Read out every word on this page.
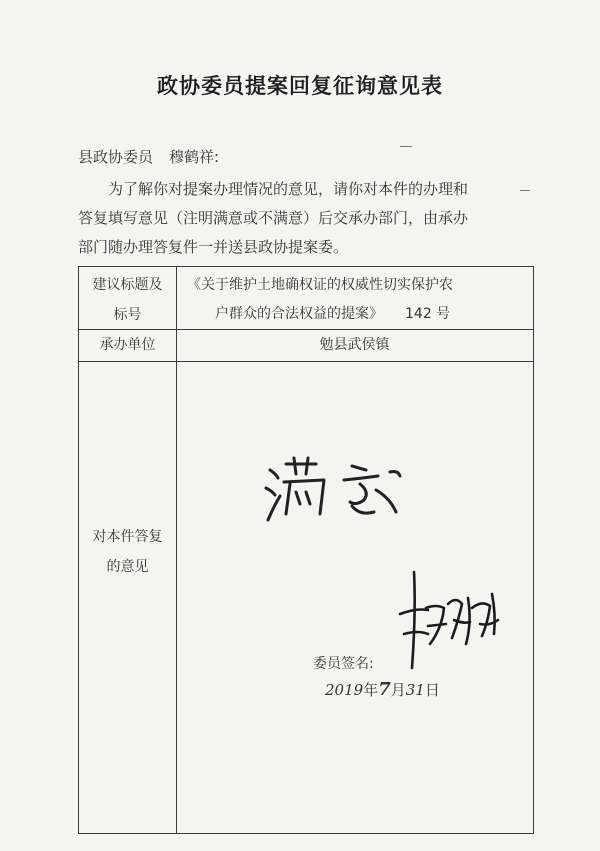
政协委员提案回复征询意见表
县政协委员 穆鹤祥:
为了解你对提案办理情况的意见，请你对本件的办理和
答复填写意见（注明满意或不满意）后交承办部门，由承办
部门随办理答复件一并送县政协提案委。
建议标题及
标号
《关于维护土地确权证的权威性切实保护农
户群众的合法权益的提案》 142 号
承办单位	勉县武侯镇
对本件答复
的意见
委员签名:
2019年7月31日
